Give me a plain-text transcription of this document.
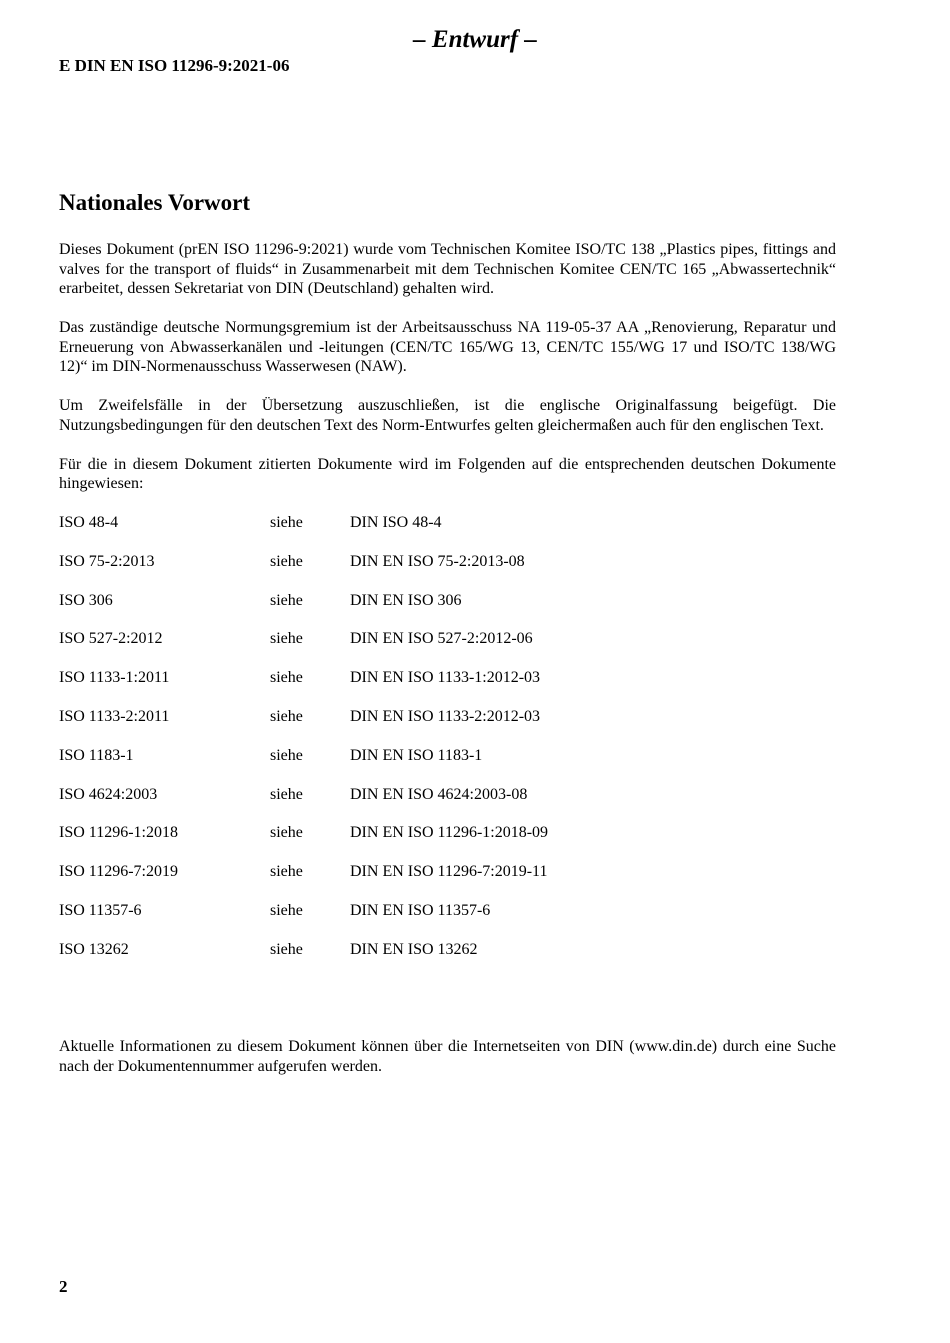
– Entwurf –
E DIN EN ISO 11296-9:2021-06
Nationales Vorwort

Dieses Dokument (prEN ISO 11296-9:2021) wurde vom Technischen Komitee ISO/TC 138 „Plastics pipes, fittings and valves for the transport of fluids“ in Zusammenarbeit mit dem Technischen Komitee CEN/TC 165 „Abwassertechnik“ erarbeitet, dessen Sekretariat von DIN (Deutschland) gehalten wird.

Das zuständige deutsche Normungsgremium ist der Arbeitsausschuss NA 119-05-37 AA „Renovierung, Reparatur und Erneuerung von Abwasserkanälen und -leitungen (CEN/TC 165/WG 13, CEN/TC 155/WG 17 und ISO/TC 138/WG 12)“ im DIN-Normenausschuss Wasserwesen (NAW).

Um Zweifelsfälle in der Übersetzung auszuschließen, ist die englische Originalfassung beigefügt. Die Nutzungsbedingungen für den deutschen Text des Norm-Entwurfes gelten gleichermaßen auch für den englischen Text.

Für die in diesem Dokument zitierten Dokumente wird im Folgenden auf die entsprechenden deutschen Dokumente hingewiesen:

ISO 48-4	siehe	DIN ISO 48-4
ISO 75-2:2013	siehe	DIN EN ISO 75-2:2013-08
ISO 306	siehe	DIN EN ISO 306
ISO 527-2:2012	siehe	DIN EN ISO 527-2:2012-06
ISO 1133-1:2011	siehe	DIN EN ISO 1133-1:2012-03
ISO 1133-2:2011	siehe	DIN EN ISO 1133-2:2012-03
ISO 1183-1	siehe	DIN EN ISO 1183-1
ISO 4624:2003	siehe	DIN EN ISO 4624:2003-08
ISO 11296-1:2018	siehe	DIN EN ISO 11296-1:2018-09
ISO 11296-7:2019	siehe	DIN EN ISO 11296-7:2019-11
ISO 11357-6	siehe	DIN EN ISO 11357-6
ISO 13262	siehe	DIN EN ISO 13262

Aktuelle Informationen zu diesem Dokument können über die Internetseiten von DIN (www.din.de) durch eine Suche nach der Dokumentennummer aufgerufen werden.

2
